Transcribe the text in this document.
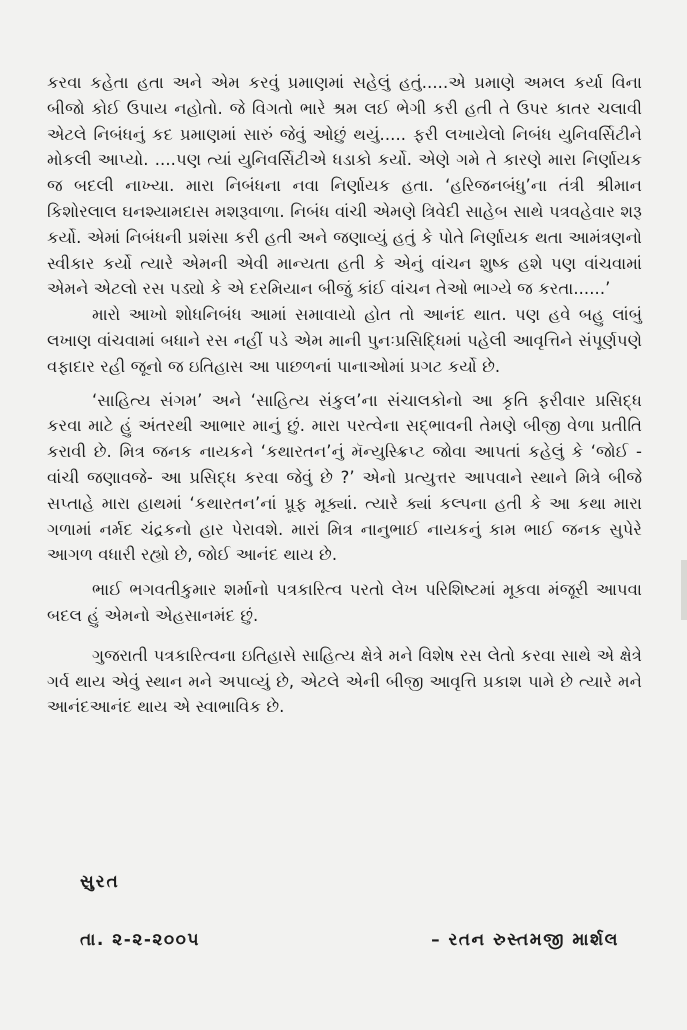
કરવા કહેતા હતા અને એમ કરવું પ્રમાણમાં સહેલું હતું.....એ પ્રમાણે અમલ કર્યા વિના બીજો કોઈ ઉપાય નહોતો. જે વિગતો ભારે શ્રમ લઈ ભેગી કરી હતી તે ઉપર કાતર ચલાવી એટલે નિબંધનું કદ પ્રમાણમાં સારું જેવું ઓછું થયું..... ફરી લખાયેલો નિબંધ યુનિવર્સિટીને મોકલી આપ્યો. ....પણ ત્યાં યુનિવર્સિટીએ ધડાકો કર્યો. એણે ગમે તે કારણે મારા નિર્ણાયક જ બદલી નાખ્યા. મારા નિબંધના નવા નિર્ણાયક હતા. ‘હરિજનબંધુ’ના તંત્રી શ્રીમાન કિશોરલાલ ઘનશ્યામદાસ મશરૂવાળા. નિબંધ વાંચી એમણે ત્રિવેદી સાહેબ સાથે પત્રવહેવાર શરૂ કર્યો. એમાં નિબંધની પ્રશંસા કરી હતી અને જણાવ્યું હતું કે પોતે નિર્ણાયક થતા આમંત્રણનો સ્વીકાર કર્યો ત્યારે એમની એવી માન્યતા હતી કે એનું વાંચન શુષ્ક હશે પણ વાંચવામાં એમને એટલો રસ પડ્યો કે એ દરમિયાન બીજું કાંઈ વાંચન તેઓ ભાગ્યે જ કરતા......’

મારો આખો શોધનિબંધ આમાં સમાવાયો હોત તો આનંદ થાત. પણ હવે બહુ લાંબું લખાણ વાંચવામાં બધાને રસ નહીં પડે એમ માની પુનઃપ્રસિદ્ધિમાં પહેલી આવૃત્તિને સંપૂર્ણપણે વફાદાર રહી જૂનો જ ઇતિહાસ આ પાછળનાં પાનાઓમાં પ્રગટ કર્યો છે.

‘સાહિત્ય સંગમ’ અને ‘સાહિત્ય સંકુલ’ના સંચાલકોનો આ કૃતિ ફરીવાર પ્રસિદ્ધ કરવા માટે હું અંતરથી આભાર માનું છું. મારા પરત્વેના સદ્ભાવની તેમણે બીજી વેળા પ્રતીતિ કરાવી છે. મિત્ર જનક નાયકને ‘કથારતન’નું મૅન્યુસ્ક્રિપ્ટ જોવા આપતાં કહેલું કે ‘જોઈ - વાંચી જણાવજે- આ પ્રસિદ્ધ કરવા જેવું છે ?’ એનો પ્રત્યુત્તર આપવાને સ્થાને મિત્રે બીજે સપ્તાહે મારા હાથમાં ‘કથારતન’નાં પ્રૂફ મૂક્યાં. ત્યારે ક્યાં કલ્પના હતી કે આ કથા મારા ગળામાં નર્મદ ચંદ્રકનો હાર પેરાવશે. મારાં મિત્ર નાનુભાઈ નાયકનું કામ ભાઈ જનક સુપેરે આગળ વધારી રહ્યો છે, જોઈ આનંદ થાય છે.

ભાઈ ભગવતીકુમાર શર્માનો પત્રકારિત્વ પરતો લેખ પરિશિષ્ટમાં મૂકવા મંજૂરી આપવા બદલ હું એમનો એહસાનમંદ છું.

ગુજરાતી પત્રકારિત્વના ઇતિહાસે સાહિત્ય ક્ષેત્રે મને વિશેષ રસ લેતો કરવા સાથે એ ક્ષેત્રે ગર્વ થાય એવું સ્થાન મને અપાવ્યું છે, એટલે એની બીજી આવૃત્તિ પ્રકાશ પામે છે ત્યારે મને આનંદઆનંદ થાય એ સ્વાભાવિક છે.

સુરત
તા. ૨-૨-૨૦૦૫	– રતન રુસ્તમજી માર્શલ
